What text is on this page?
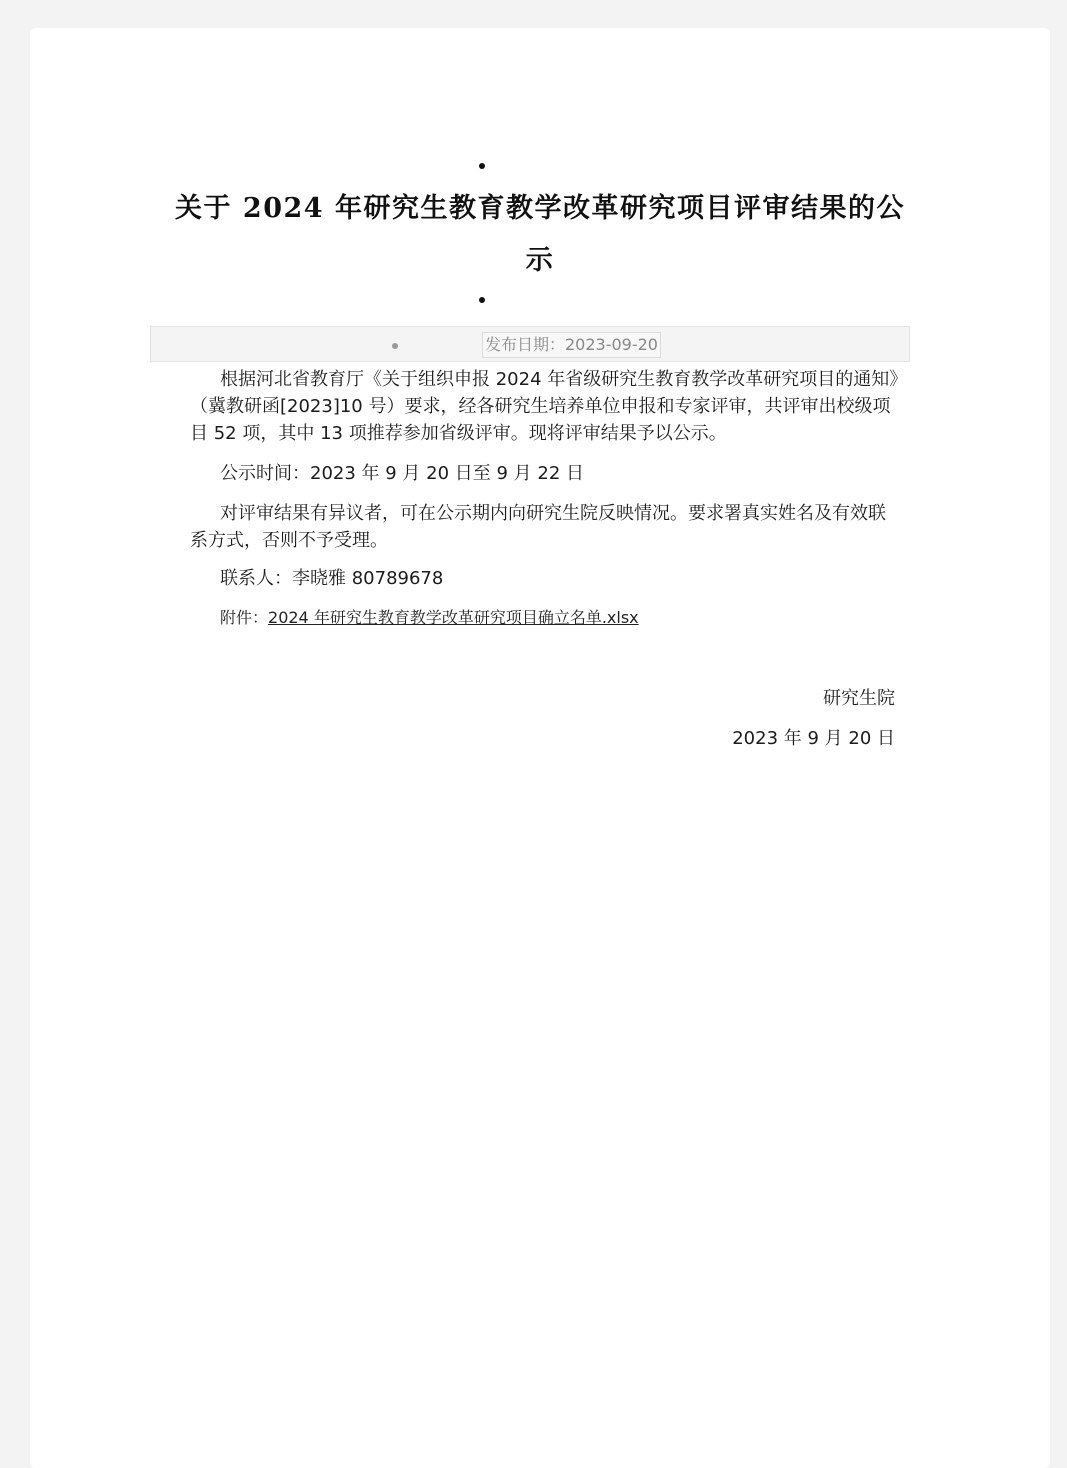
关于 2024 年研究生教育教学改革研究项目评审结果的公
示
发布日期：2023-09-20

根据河北省教育厅《关于组织申报 2024 年省级研究生教育教学改革研究项目的通知》（冀教研函[2023]10 号）要求，经各研究生培养单位申报和专家评审，共评审出校级项目 52 项，其中 13 项推荐参加省级评审。现将评审结果予以公示。

公示时间：2023 年 9 月 20 日至 9 月 22 日

对评审结果有异议者，可在公示期内向研究生院反映情况。要求署真实姓名及有效联系方式，否则不予受理。

联系人：李晓雅 80789678
附件：2024 年研究生教育教学改革研究项目确立名单.xlsx
研究生院
2023 年 9 月 20 日
